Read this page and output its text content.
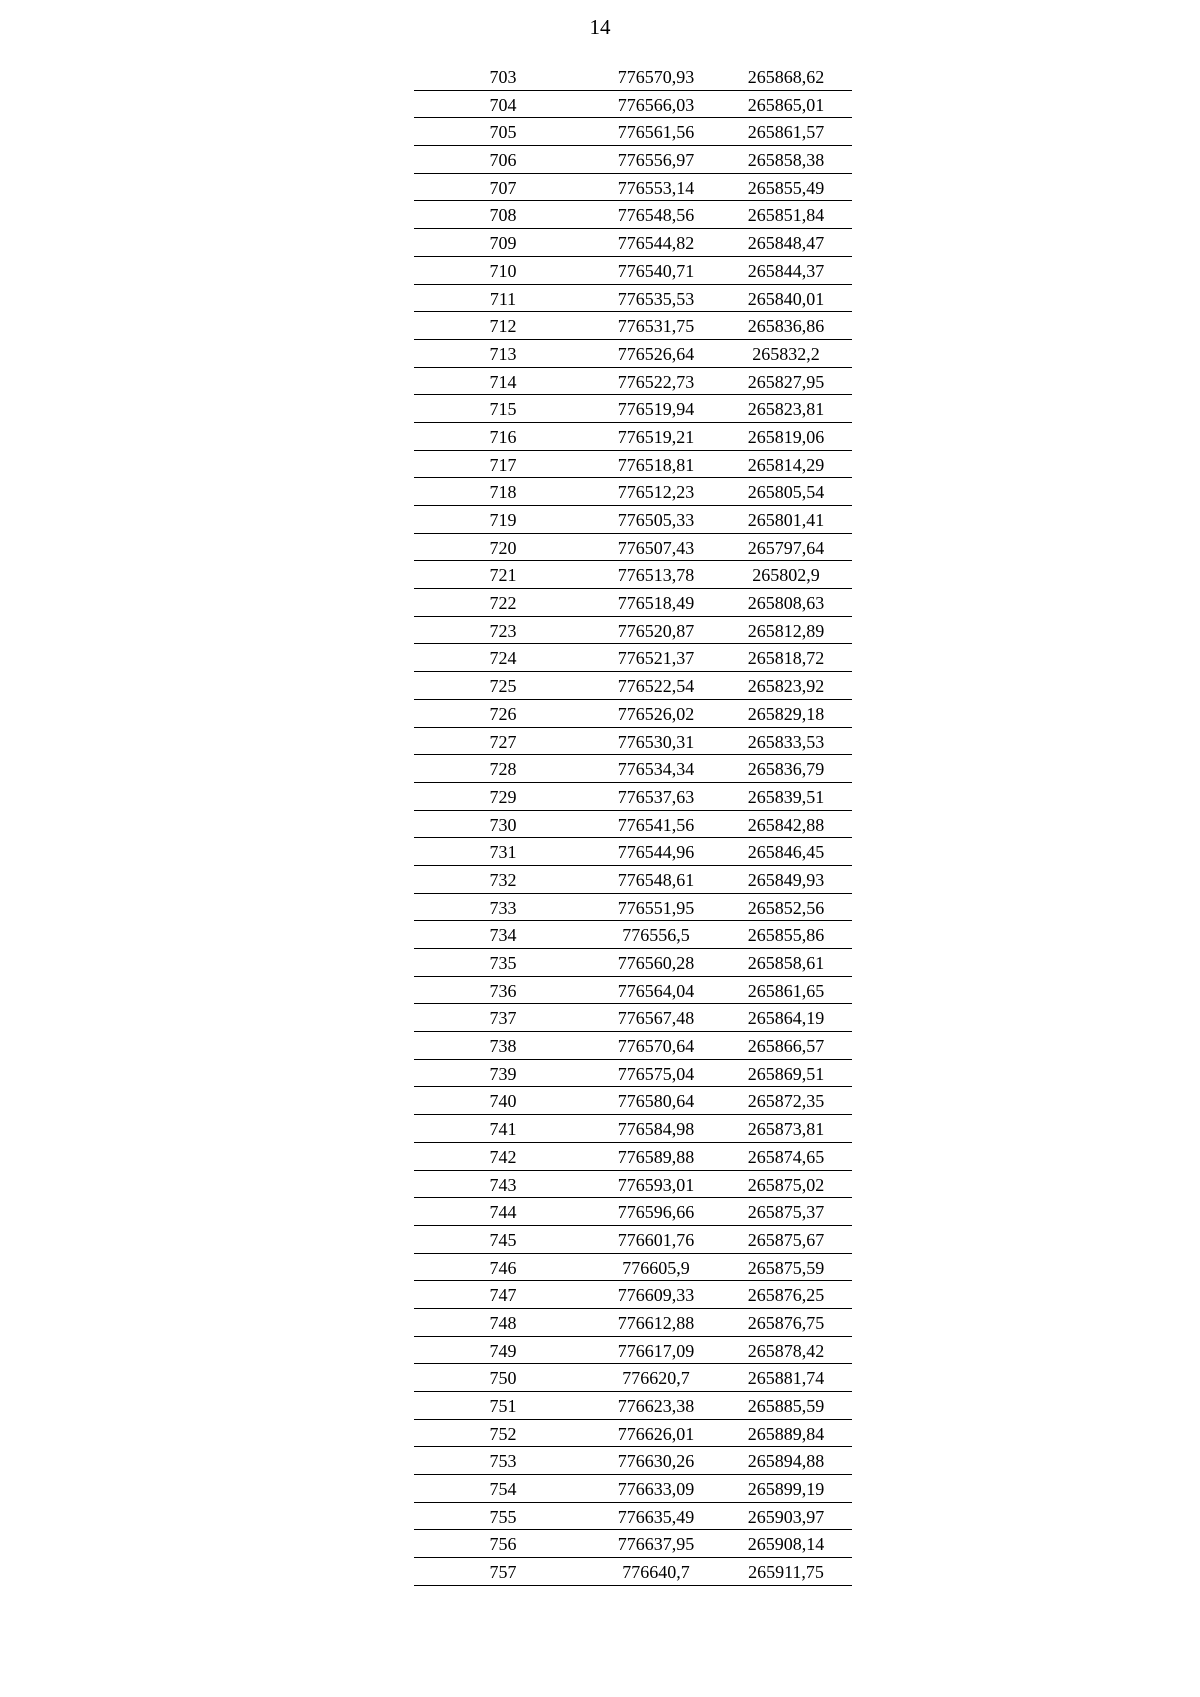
14
703	776570,93	265868,62
704	776566,03	265865,01
705	776561,56	265861,57
706	776556,97	265858,38
707	776553,14	265855,49
708	776548,56	265851,84
709	776544,82	265848,47
710	776540,71	265844,37
711	776535,53	265840,01
712	776531,75	265836,86
713	776526,64	265832,2
714	776522,73	265827,95
715	776519,94	265823,81
716	776519,21	265819,06
717	776518,81	265814,29
718	776512,23	265805,54
719	776505,33	265801,41
720	776507,43	265797,64
721	776513,78	265802,9
722	776518,49	265808,63
723	776520,87	265812,89
724	776521,37	265818,72
725	776522,54	265823,92
726	776526,02	265829,18
727	776530,31	265833,53
728	776534,34	265836,79
729	776537,63	265839,51
730	776541,56	265842,88
731	776544,96	265846,45
732	776548,61	265849,93
733	776551,95	265852,56
734	776556,5	265855,86
735	776560,28	265858,61
736	776564,04	265861,65
737	776567,48	265864,19
738	776570,64	265866,57
739	776575,04	265869,51
740	776580,64	265872,35
741	776584,98	265873,81
742	776589,88	265874,65
743	776593,01	265875,02
744	776596,66	265875,37
745	776601,76	265875,67
746	776605,9	265875,59
747	776609,33	265876,25
748	776612,88	265876,75
749	776617,09	265878,42
750	776620,7	265881,74
751	776623,38	265885,59
752	776626,01	265889,84
753	776630,26	265894,88
754	776633,09	265899,19
755	776635,49	265903,97
756	776637,95	265908,14
757	776640,7	265911,75
